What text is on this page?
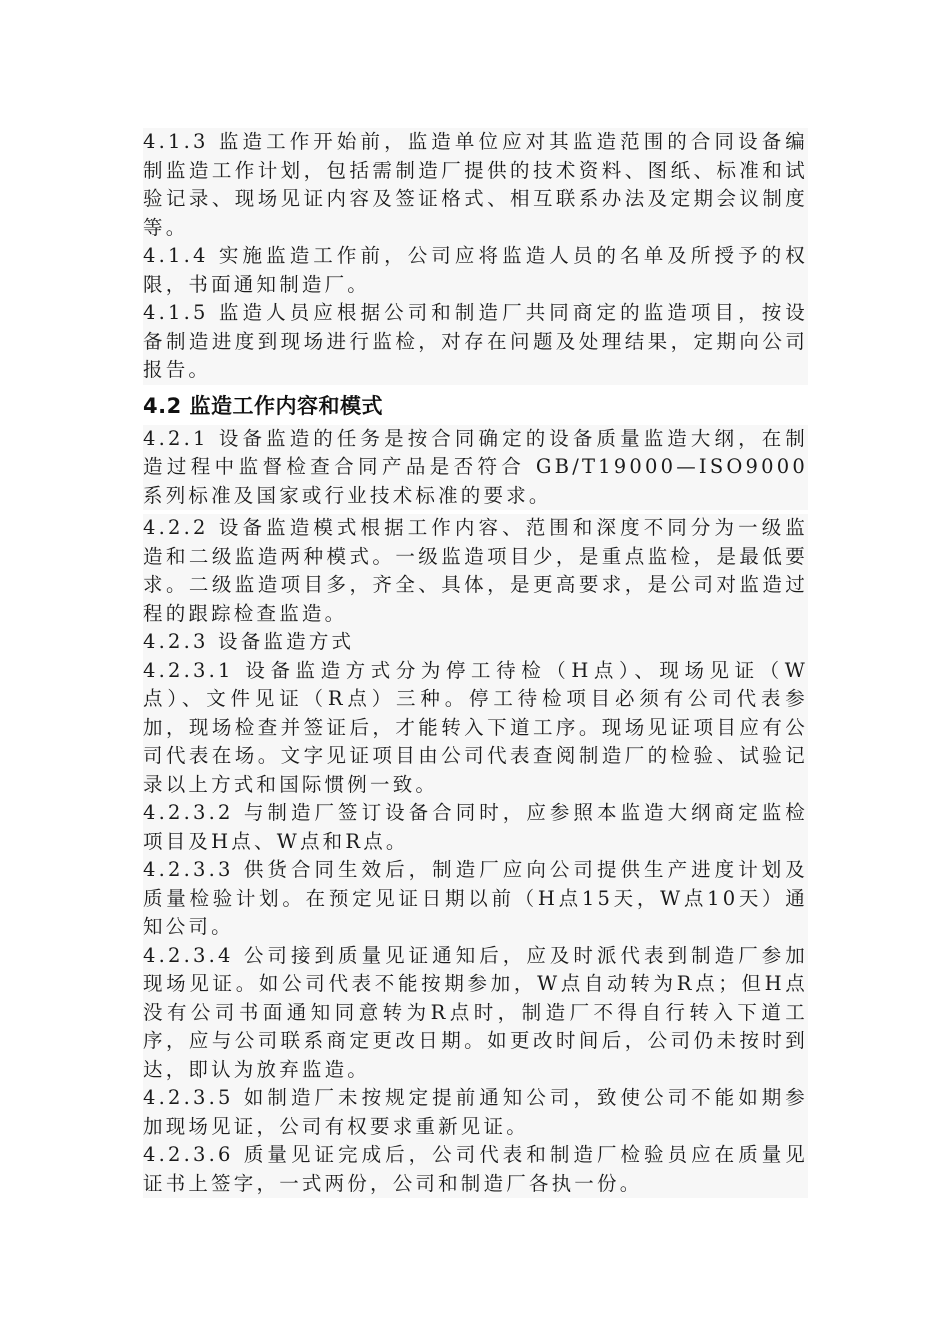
4.1.3 监造工作开始前，监造单位应对其监造范围的合同设备编制监造工作计划，包括需制造厂提供的技术资料、图纸、标准和试验记录、现场见证内容及签证格式、相互联系办法及定期会议制度等。

4.1.4 实施监造工作前，公司应将监造人员的名单及所授予的权限，书面通知制造厂。

4.1.5 监造人员应根据公司和制造厂共同商定的监造项目，按设备制造进度到现场进行监检，对存在问题及处理结果，定期向公司报告。

4.2 监造工作内容和模式

4.2.1 设备监造的任务是按合同确定的设备质量监造大纲，在制造过程中监督检查合同产品是否符合 GB/T19000—ISO9000 系列标准及国家或行业技术标准的要求。

4.2.2 设备监造模式根据工作内容、范围和深度不同分为一级监造和二级监造两种模式。一级监造项目少，是重点监检，是最低要求。二级监造项目多，齐全、具体，是更高要求，是公司对监造过程的跟踪检查监造。

4.2.3 设备监造方式

4.2.3.1 设备监造方式分为停工待检（H点）、现场见证（W点）、文件见证（R点）三种。停工待检项目必须有公司代表参加，现场检查并签证后，才能转入下道工序。现场见证项目应有公司代表在场。文字见证项目由公司代表查阅制造厂的检验、试验记录以上方式和国际惯例一致。

4.2.3.2 与制造厂签订设备合同时，应参照本监造大纲商定监检项目及H点、W点和R点。

4.2.3.3 供货合同生效后，制造厂应向公司提供生产进度计划及质量检验计划。在预定见证日期以前（H点15天，W点10天）通知公司。

4.2.3.4 公司接到质量见证通知后，应及时派代表到制造厂参加现场见证。如公司代表不能按期参加，W点自动转为R点；但H点没有公司书面通知同意转为R点时，制造厂不得自行转入下道工序，应与公司联系商定更改日期。如更改时间后，公司仍未按时到达，即认为放弃监造。

4.2.3.5 如制造厂未按规定提前通知公司，致使公司不能如期参加现场见证，公司有权要求重新见证。

4.2.3.6 质量见证完成后，公司代表和制造厂检验员应在质量见证书上签字，一式两份，公司和制造厂各执一份。
